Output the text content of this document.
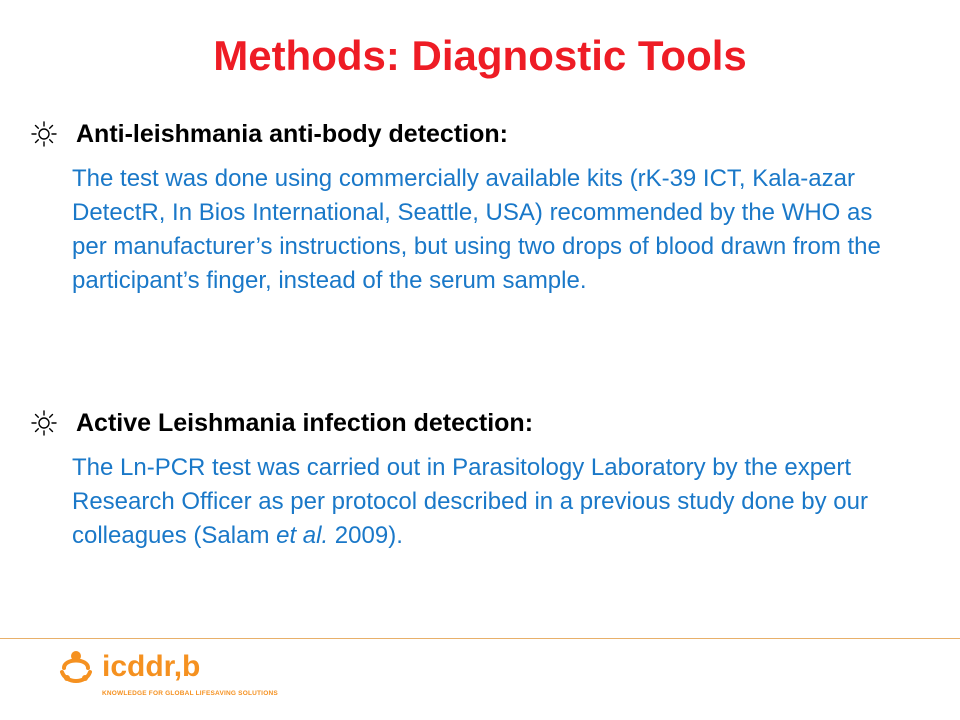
Methods: Diagnostic Tools
Anti-leishmania anti-body detection:

The test was done using commercially available kits (rK-39 ICT, Kala-azar DetectR, In Bios International, Seattle, USA) recommended by the WHO as per manufacturer’s instructions, but using two drops of blood drawn from the participant’s finger, instead of the serum sample.

Active Leishmania infection detection:

The Ln-PCR test was carried out in Parasitology Laboratory by the expert Research Officer as per protocol described in a previous study done by our colleagues (Salam et al. 2009).

icddr,b
KNOWLEDGE FOR GLOBAL LIFESAVING SOLUTIONS
